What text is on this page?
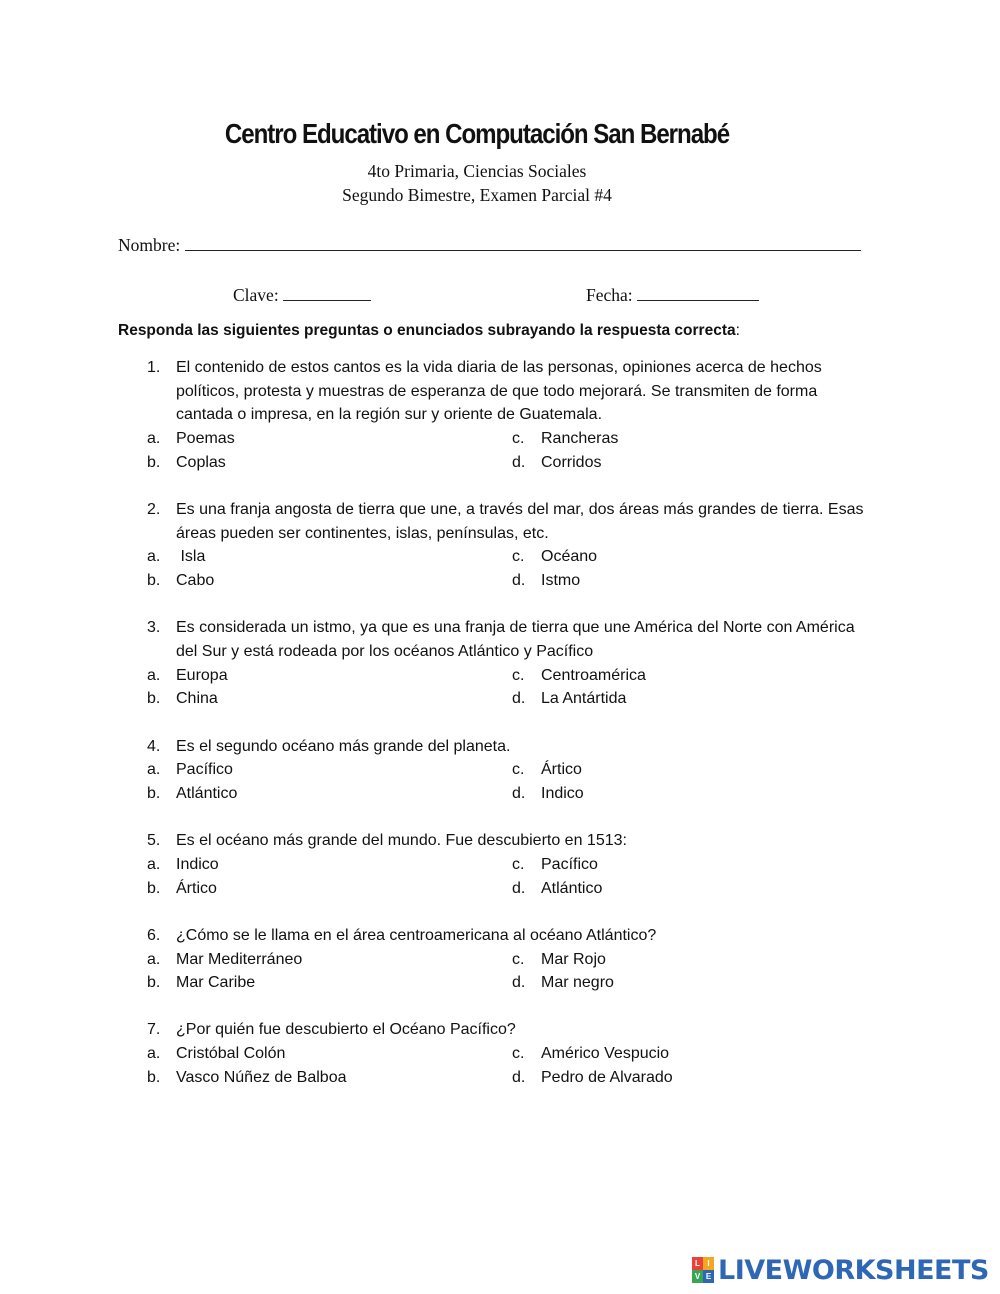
Centro Educativo en Computación San Bernabé
4to Primaria, Ciencias Sociales
Segundo Bimestre, Examen Parcial #4
Nombre:
Clave:	Fecha:
Responda las siguientes preguntas o enunciados subrayando la respuesta correcta:
1. El contenido de estos cantos es la vida diaria de las personas, opiniones acerca de hechos políticos, protesta y muestras de esperanza de que todo mejorará. Se transmiten de forma cantada o impresa, en la región sur y oriente de Guatemala.
a. Poemas	c.	Rancheras
b. Coplas	d. Corridos
2. Es una franja angosta de tierra que une, a través del mar, dos áreas más grandes de tierra. Esas áreas pueden ser continentes, islas, penínsulas, etc.
a. Isla	c.	Océano
b. Cabo	d. Istmo
3. Es considerada un istmo, ya que es una franja de tierra que une América del Norte con América del Sur y está rodeada por los océanos Atlántico y Pacífico
a. Europa	c.	Centroamérica
b. China	d. La Antártida
4. Es el segundo océano más grande del planeta.
a. Pacífico	c.	Ártico
b. Atlántico	d. Indico
5. Es el océano más grande del mundo. Fue descubierto en 1513:
a. Indico	c.	Pacífico
b. Ártico	d. Atlántico
6. ¿Cómo se le llama en el área centroamericana al océano Atlántico?
a. Mar Mediterráneo	c.	Mar Rojo
b. Mar Caribe	d. Mar negro
7. ¿Por quién fue descubierto el Océano Pacífico?
a. Cristóbal Colón	c.	Américo Vespucio
b. Vasco Núñez de Balboa	d. Pedro de Alvarado
L I
V E LIVEWORKSHEETS
